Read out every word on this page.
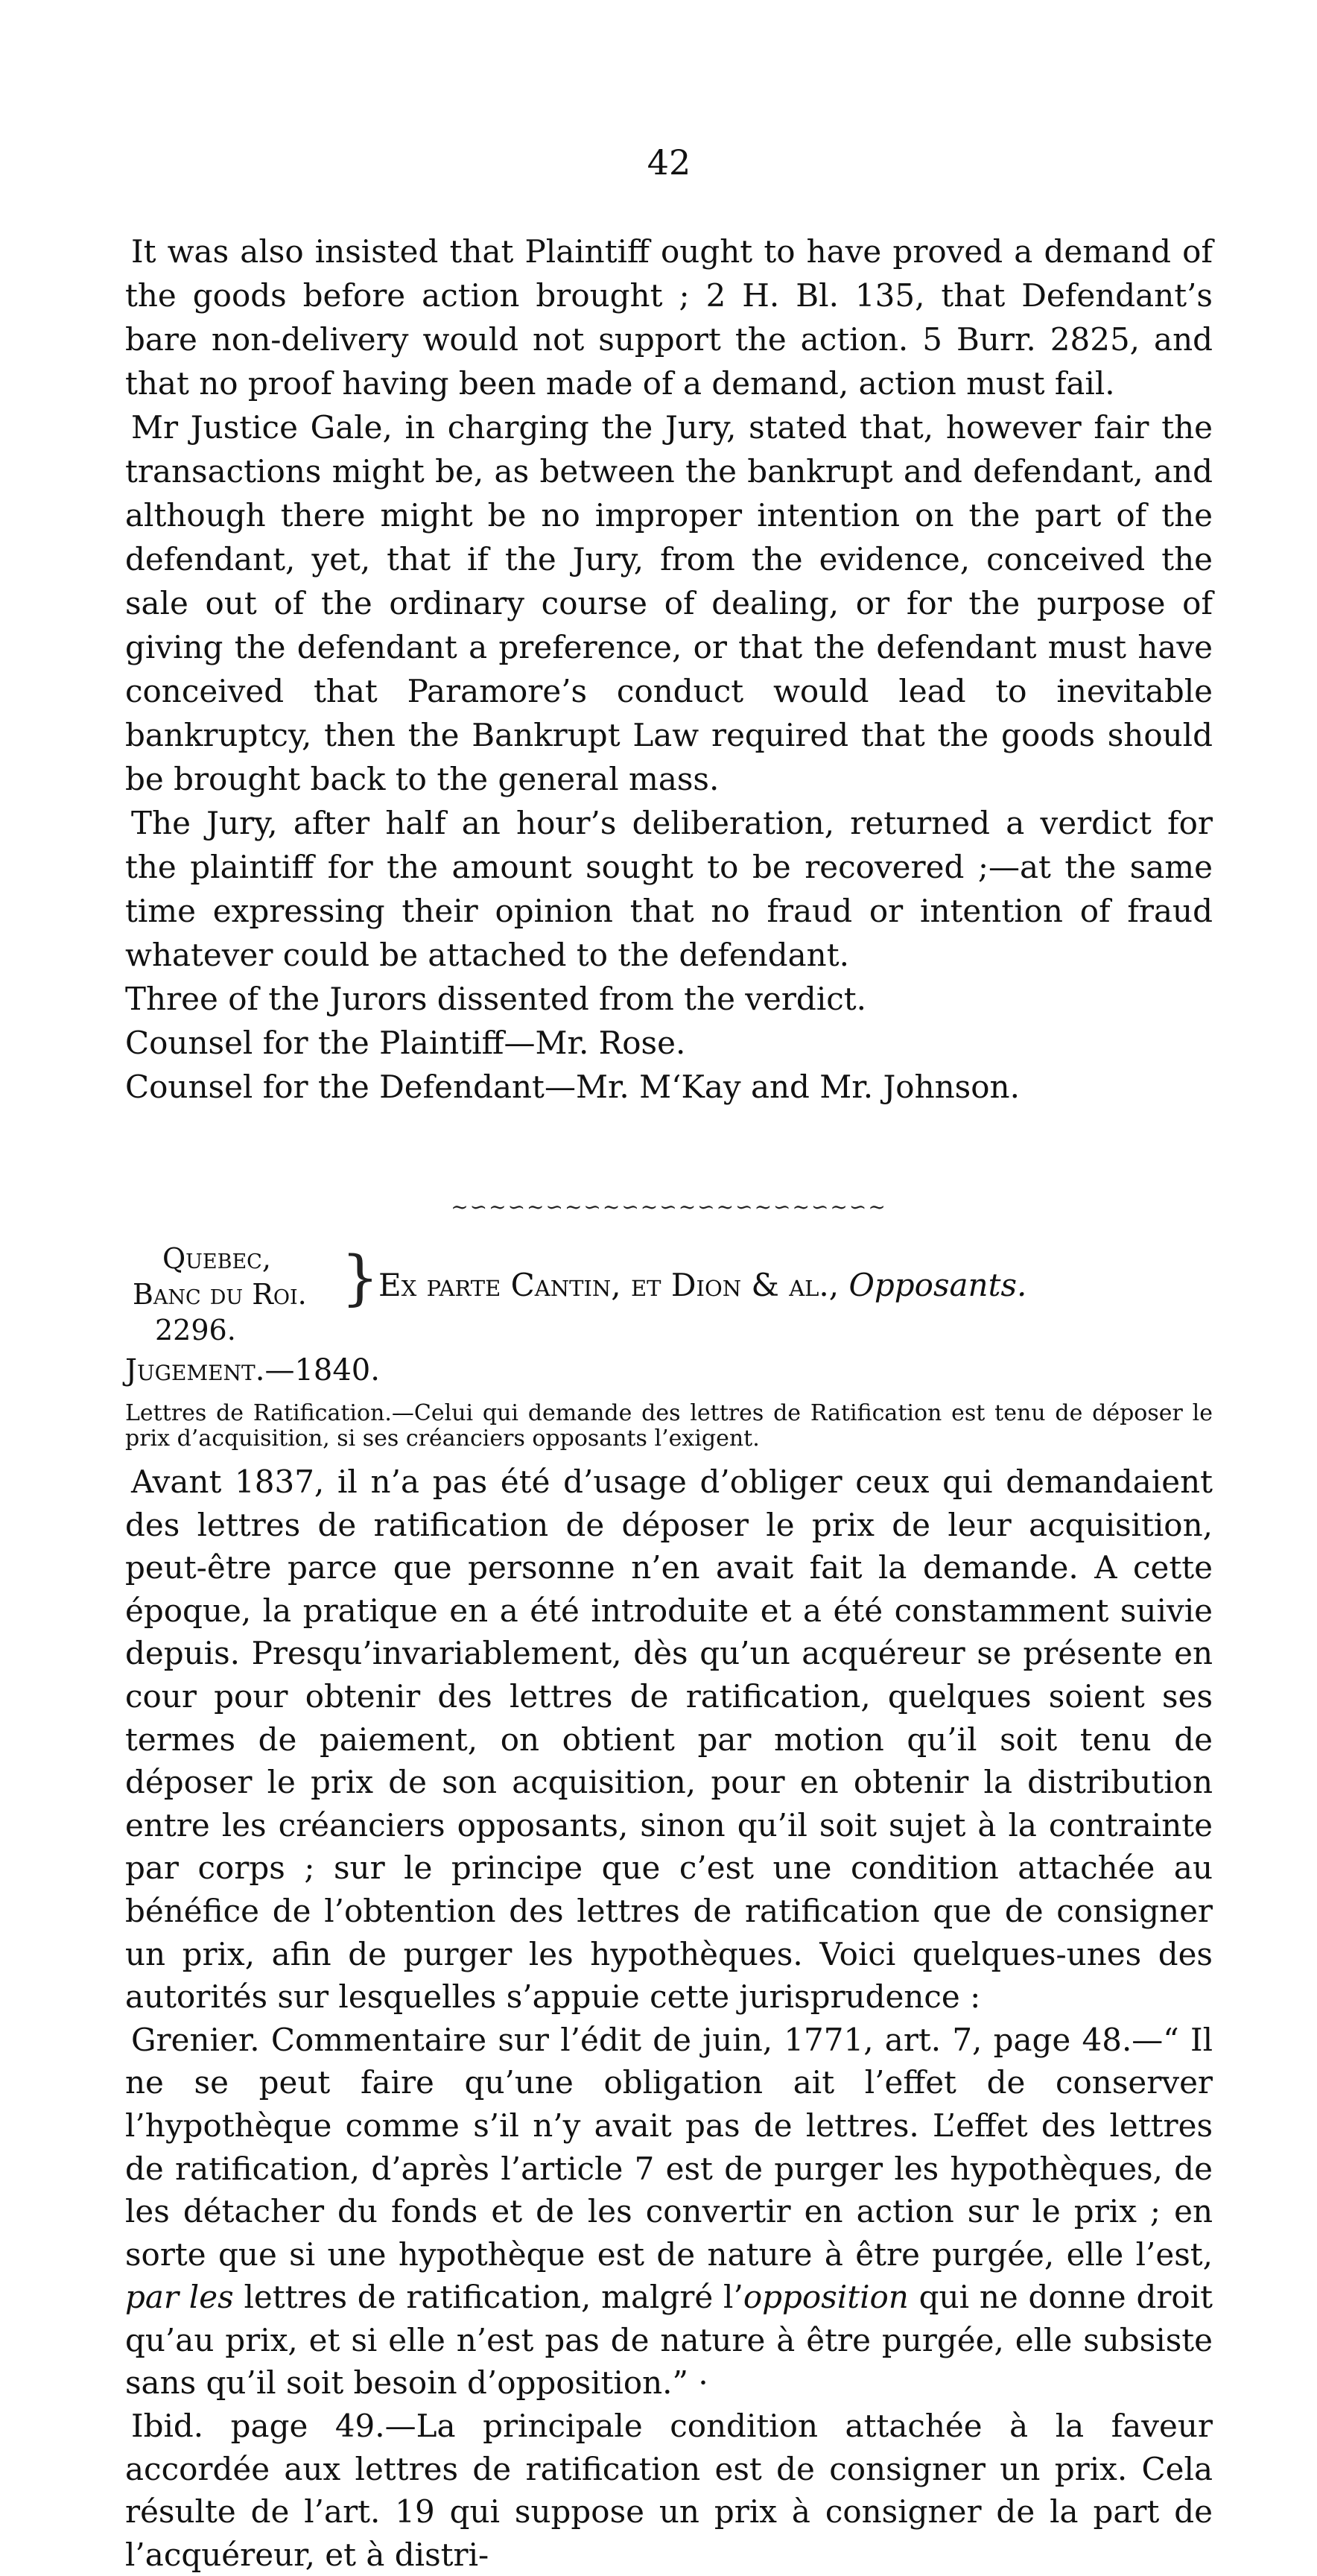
42

It was also insisted that Plaintiff ought to have proved a demand of the goods before action brought ; 2 H. Bl. 135, that Defendant’s bare non-delivery would not support the action. 5 Burr. 2825, and that no proof having been made of a demand, action must fail.

Mr Justice Gale, in charging the Jury, stated that, however fair the transactions might be, as between the bankrupt and defendant, and although there might be no improper intention on the part of the defendant, yet, that if the Jury, from the evidence, conceived the sale out of the ordinary course of dealing, or for the purpose of giving the defendant a preference, or that the defendant must have conceived that Paramore’s conduct would lead to inevitable bankruptcy, then the Bankrupt Law required that the goods should be brought back to the general mass.

The Jury, after half an hour’s deliberation, returned a verdict for the plaintiff for the amount sought to be recovered ;—at the same time expressing their opinion that no fraud or intention of fraud whatever could be attached to the defendant.

Three of the Jurors dissented from the verdict.

Counsel for the Plaintiff—Mr. Rose.

Counsel for the Defendant—Mr. M‘Kay and Mr. Johnson.

~∽~∽~∽~∽~∽~∽~∽~∽~∽~∽~∽~
Quebec,
Banc du Roi.
2296.
} Ex parte Cantin, et Dion & al., Opposants.
Jugement.—1840.
Lettres de Ratification.—Celui qui demande des lettres de Ratification est tenu de déposer le prix d’acquisition, si ses créanciers opposants l’exigent.

Avant 1837, il n’a pas été d’usage d’obliger ceux qui demandaient des lettres de ratification de déposer le prix de leur acquisition, peut-être parce que personne n’en avait fait la demande. A cette époque, la pratique en a été introduite et a été constamment suivie depuis. Presqu’invariablement, dès qu’un acquéreur se présente en cour pour obtenir des lettres de ratification, quelques soient ses termes de paiement, on obtient par motion qu’il soit tenu de déposer le prix de son acquisition, pour en obtenir la distribution entre les créanciers opposants, sinon qu’il soit sujet à la contrainte par corps ; sur le principe que c’est une condition attachée au bénéfice de l’obtention des lettres de ratification que de consigner un prix, afin de purger les hypothèques. Voici quelques-unes des autorités sur lesquelles s’appuie cette jurisprudence :

Grenier. Commentaire sur l’édit de juin, 1771, art. 7, page 48.—“ Il ne se peut faire qu’une obligation ait l’effet de conserver l’hypothèque comme s’il n’y avait pas de lettres. L’effet des lettres de ratification, d’après l’article 7 est de purger les hypothèques, de les détacher du fonds et de les convertir en action sur le prix ; en sorte que si une hypothèque est de nature à être purgée, elle l’est, par les lettres de ratification, malgré l’opposition qui ne donne droit qu’au prix, et si elle n’est pas de nature à être purgée, elle subsiste sans qu’il soit besoin d’opposition.” ·

Ibid. page 49.—La principale condition attachée à la faveur accordée aux lettres de ratification est de consigner un prix. Cela résulte de l’art. 19 qui suppose un prix à consigner de la part de l’acquéreur, et à distri-
